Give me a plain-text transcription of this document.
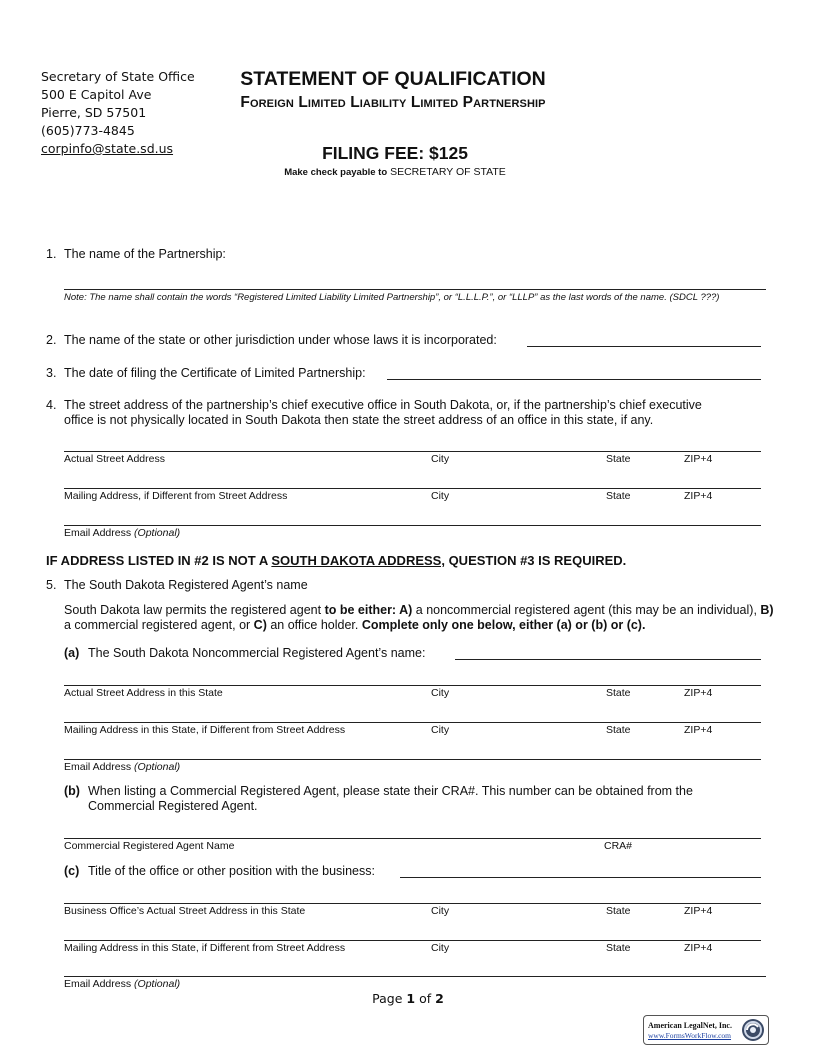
Secretary of State Office
500 E Capitol Ave
Pierre, SD 57501
(605)773-4845
corpinfo@state.sd.us
STATEMENT OF QUALIFICATION
Foreign Limited Liability Limited Partnership
FILING FEE: $125
Make check payable to SECRETARY OF STATE
1. The name of the Partnership:
Note: The name shall contain the words “Registered Limited Liability Limited Partnership”, or “L.L.L.P.”, or “LLLP” as the last words of the name. (SDCL ???)
2. The name of the state or other jurisdiction under whose laws it is incorporated:
3. The date of filing the Certificate of Limited Partnership:
4. The street address of the partnership’s chief executive office in South Dakota, or, if the partnership’s chief executive
office is not physically located in South Dakota then state the street address of an office in this state, if any.
Actual Street Address	City	State	ZIP+4
Mailing Address, if Different from Street Address	City	State	ZIP+4
Email Address (Optional)
IF ADDRESS LISTED IN #2 IS NOT A SOUTH DAKOTA ADDRESS, QUESTION #3 IS REQUIRED.
5. The South Dakota Registered Agent’s name
South Dakota law permits the registered agent to be either: A) a noncommercial registered agent (this may be an individual), B) a commercial registered agent, or C) an office holder. Complete only one below, either (a) or (b) or (c).
(a) The South Dakota Noncommercial Registered Agent’s name:
Actual Street Address in this State	City	State	ZIP+4
Mailing Address in this State, if Different from Street Address	City	State	ZIP+4
Email Address (Optional)
(b) When listing a Commercial Registered Agent, please state their CRA#. This number can be obtained from the
Commercial Registered Agent.
Commercial Registered Agent Name	CRA#
(c) Title of the office or other position with the business:
Business Office’s Actual Street Address in this State	City	State	ZIP+4
Mailing Address in this State, if Different from Street Address	City	State	ZIP+4
Email Address (Optional)
Page 1 of 2
American LegalNet, Inc.
www.FormsWorkFlow.com
